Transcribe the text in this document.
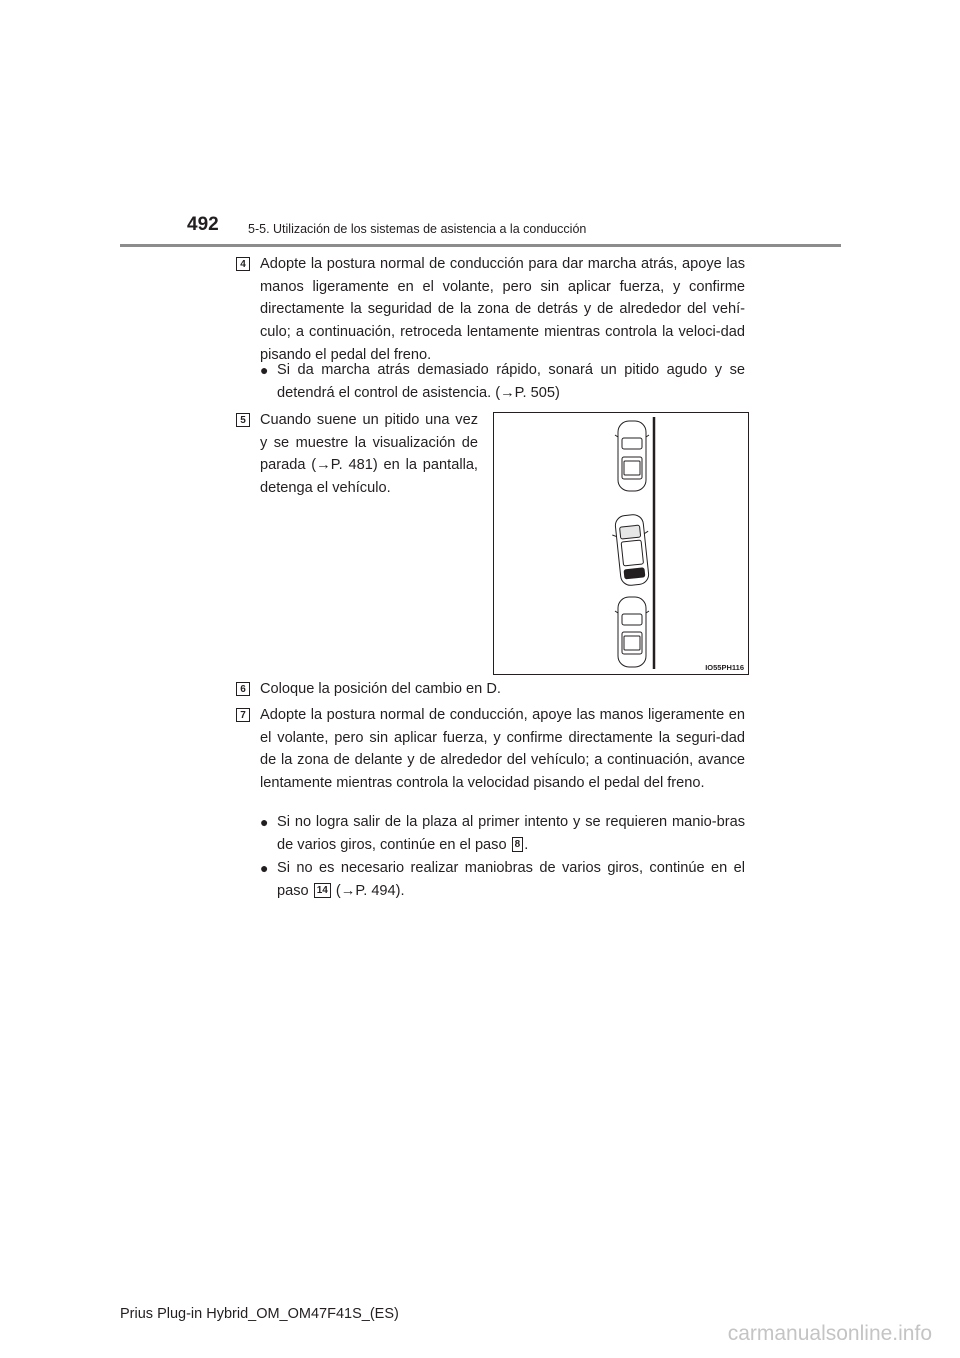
492 5-5. Utilización de los sistemas de asistencia a la conducción
4 Adopte la postura normal de conducción para dar marcha atrás, apoye las manos ligeramente en el volante, pero sin aplicar fuerza, y confirme directamente la seguridad de la zona de detrás y de alrededor del vehí-culo; a continuación, retroceda lentamente mientras controla la veloci-dad pisando el pedal del freno.
● Si da marcha atrás demasiado rápido, sonará un pitido agudo y se detendrá el control de asistencia. (→P. 505)
5 Cuando suene un pitido una vez y se muestre la visualización de parada (→P. 481) en la pantalla, detenga el vehículo.
IO55PH116
6 Coloque la posición del cambio en D.
7 Adopte la postura normal de conducción, apoye las manos ligeramente en el volante, pero sin aplicar fuerza, y confirme directamente la seguri-dad de la zona de delante y de alrededor del vehículo; a continuación, avance lentamente mientras controla la velocidad pisando el pedal del freno.
● Si no logra salir de la plaza al primer intento y se requieren manio-bras de varios giros, continúe en el paso 8 .
● Si no es necesario realizar maniobras de varios giros, continúe en el paso 14 (→P. 494).
Prius Plug-in Hybrid_OM_OM47F41S_(ES)
carmanualsonline.info
